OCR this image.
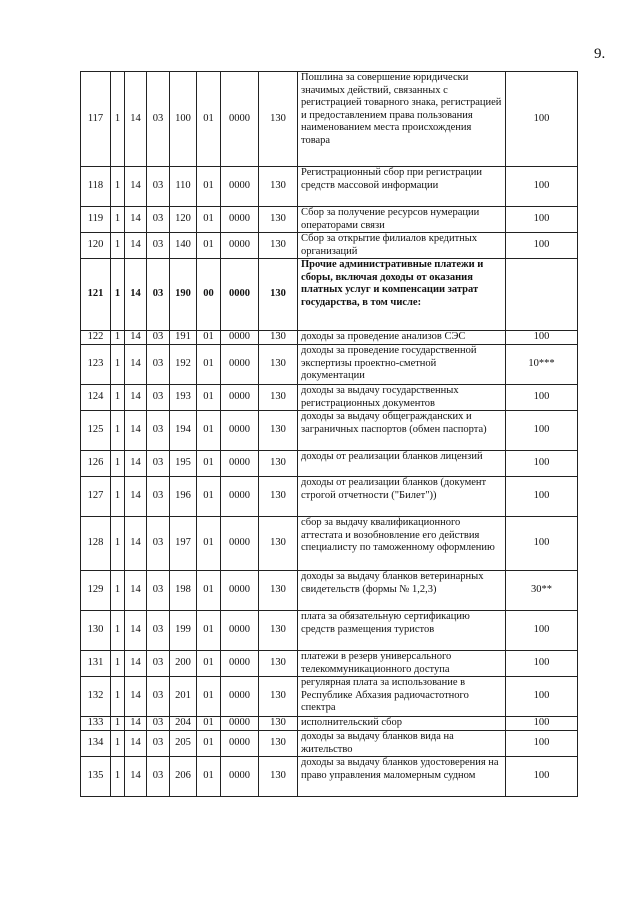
9.
117	1	14	03	100	01	0000	130	Пошлина за совершение юридически значимых действий, связанных с регистрацией товарного знака, регистрацией и предоставлением права пользования наименованием места происхождения товара	100
118	1	14	03	110	01	0000	130	Регистрационный сбор при регистрации средств массовой информации	100
119	1	14	03	120	01	0000	130	Сбор за получение ресурсов нумерации операторами связи	100
120	1	14	03	140	01	0000	130	Сбор за открытие филиалов кредитных организаций	100
121	1	14	03	190	00	0000	130	Прочие административные платежи и сборы, включая доходы от оказания платных услуг и компенсации затрат государства, в том числе:	
122	1	14	03	191	01	0000	130	доходы за проведение анализов СЭС	100
123	1	14	03	192	01	0000	130	доходы за проведение государственной экспертизы проектно-сметной документации	10***
124	1	14	03	193	01	0000	130	доходы за выдачу государственных регистрационных документов	100
125	1	14	03	194	01	0000	130	доходы за выдачу общегражданских и заграничных паспортов (обмен паспорта)	100
126	1	14	03	195	01	0000	130	доходы от реализации бланков лицензий	100
127	1	14	03	196	01	0000	130	доходы от реализации бланков (документ строгой отчетности ("Билет"))	100
128	1	14	03	197	01	0000	130	сбор за выдачу квалификационного аттестата и возобновление его действия специалисту по таможенному оформлению	100
129	1	14	03	198	01	0000	130	доходы за выдачу бланков ветеринарных свидетельств (формы № 1,2,3)	30**
130	1	14	03	199	01	0000	130	плата за обязательную сертификацию средств размещения туристов	100
131	1	14	03	200	01	0000	130	платежи в резерв универсального телекоммуникационного доступа	100
132	1	14	03	201	01	0000	130	регулярная плата за использование в Республике Абхазия радиочастотного спектра	100
133	1	14	03	204	01	0000	130	исполнительский сбор	100
134	1	14	03	205	01	0000	130	доходы за выдачу бланков вида на жительство	100
135	1	14	03	206	01	0000	130	доходы за выдачу бланков удостоверения на право управления маломерным судном	100
